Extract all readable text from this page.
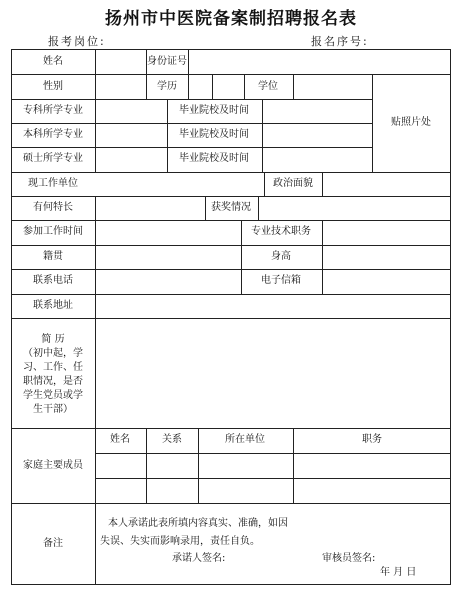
扬州市中医院备案制招聘报名表
报考岗位:	报名序号:
姓名	身份证号
性别	学历	学位
贴照片处
专科所学专业	毕业院校及时间
本科所学专业	毕业院校及时间
硕士所学专业	毕业院校及时间
现工作单位	政治面貌
有何特长	获奖情况
参加工作时间	专业技术职务
籍贯	身高
联系电话	电子信箱
联系地址
简 历
（初中起，学
习、工作、任
职情况，是否
学生党员或学
生干部）
家庭主要成员
姓名	关系	所在单位	职务
备注
本人承诺此表所填内容真实、准确，如因
失误、失实而影响录用，责任自负。
承诺人签名:	审核员签名:
年 月 日
